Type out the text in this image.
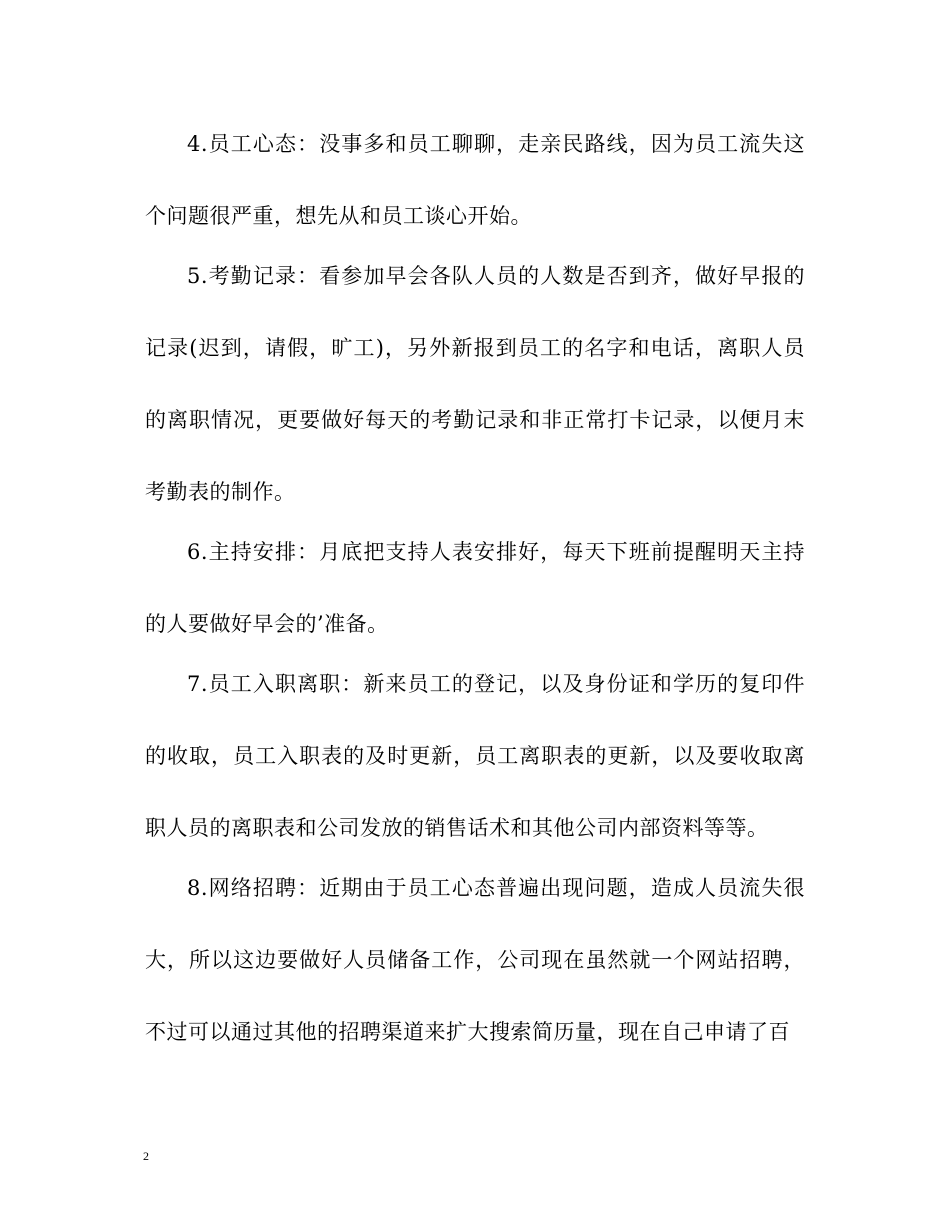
4.员工心态：没事多和员工聊聊，走亲民路线，因为员工流失这个问题很严重，想先从和员工谈心开始。

5.考勤记录：看参加早会各队人员的人数是否到齐，做好早报的记录(迟到，请假，旷工)，另外新报到员工的名字和电话，离职人员的离职情况，更要做好每天的考勤记录和非正常打卡记录，以便月末考勤表的制作。

6.主持安排：月底把支持人表安排好，每天下班前提醒明天主持的人要做好早会的’准备。

7.员工入职离职：新来员工的登记，以及身份证和学历的复印件的收取，员工入职表的及时更新，员工离职表的更新，以及要收取离职人员的离职表和公司发放的销售话术和其他公司内部资料等等。

8.网络招聘：近期由于员工心态普遍出现问题，造成人员流失很大，所以这边要做好人员储备工作，公司现在虽然就一个网站招聘，不过可以通过其他的招聘渠道来扩大搜索简历量，现在自己申请了百

2
